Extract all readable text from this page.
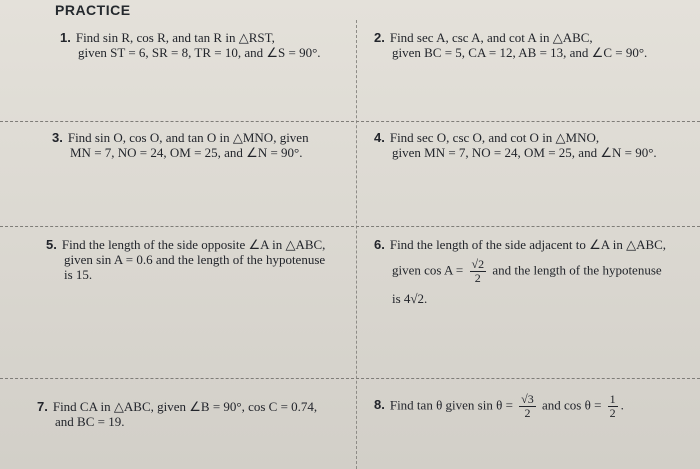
PRACTICE
1. Find sin R, cos R, and tan R in △RST,
given ST = 6, SR = 8, TR = 10, and ∠S = 90°.
2. Find sec A, csc A, and cot A in △ABC,
given BC = 5, CA = 12, AB = 13, and ∠C = 90°.
3. Find sin O, cos O, and tan O in △MNO, given
MN = 7, NO = 24, OM = 25, and ∠N = 90°.
4. Find sec O, csc O, and cot O in △MNO,
given MN = 7, NO = 24, OM = 25, and ∠N = 90°.
5. Find the length of the side opposite ∠A in △ABC,
given sin A = 0.6 and the length of the hypotenuse
is 15.
6. Find the length of the side adjacent to ∠A in △ABC,
given $\cos A = \frac{√2}{2}$ and the length of the hypotenuse
is 4√2.
7. Find CA in △ABC, given ∠B = 90°, cos C = 0.74,
and BC = 19.
8. Find tan θ given $\sin \theta = \frac{√3}{2}$ and $\cos \theta = \frac{1}{2}$ .
